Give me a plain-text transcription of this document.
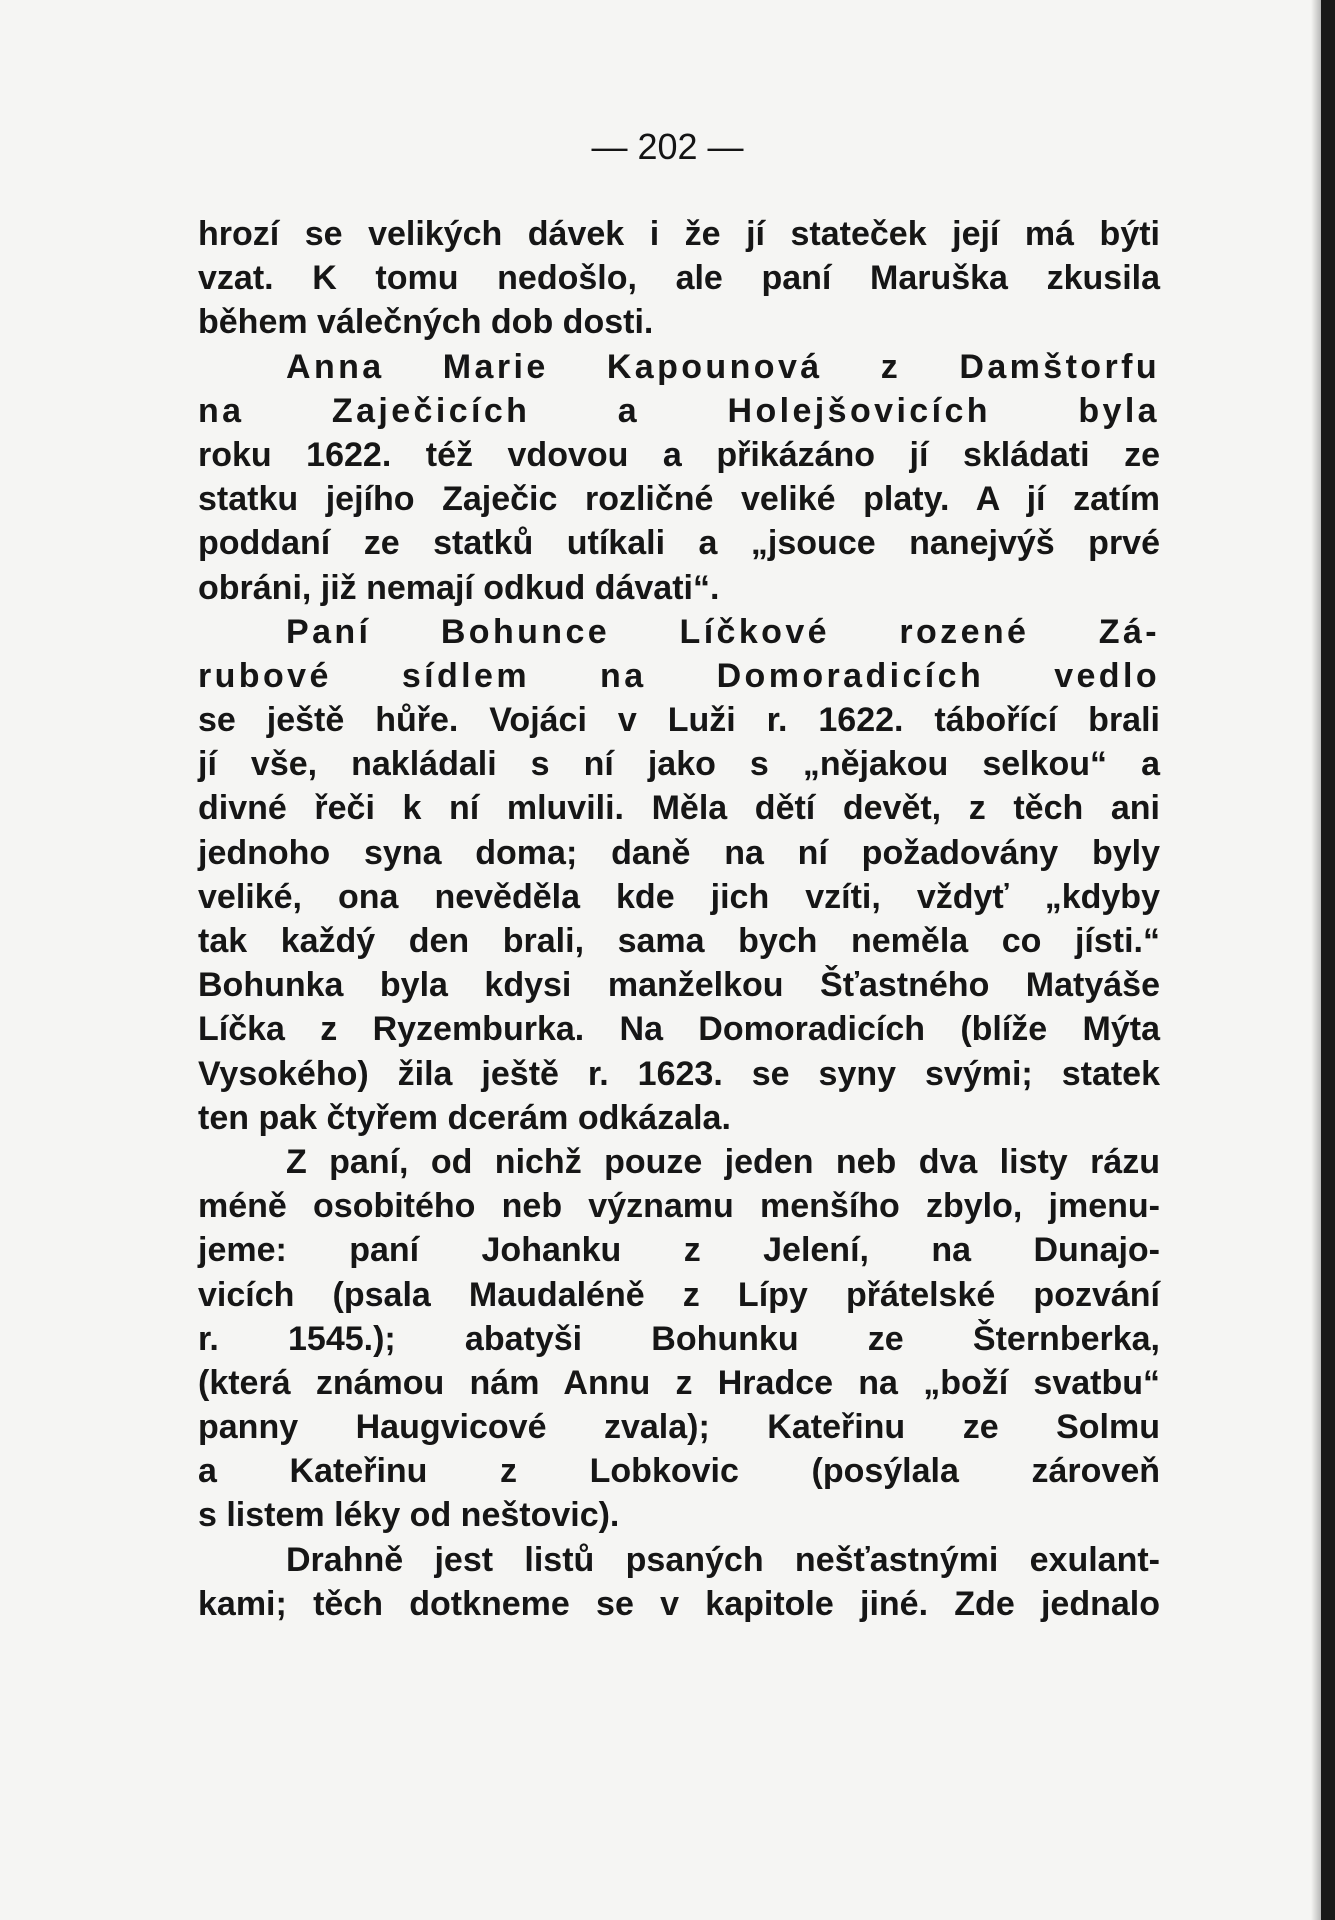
— 202 —
hrozí se velikých dávek i že jí stateček její má býti
vzat. K tomu nedošlo, ale paní Maruška zkusila
během válečných dob dosti.
Anna Marie Kapounová z Damštorfu
na Zaječicích a Holejšovicích byla
roku 1622. též vdovou a přikázáno jí skládati ze
statku jejího Zaječic rozličné veliké platy. A jí zatím
poddaní ze statků utíkali a „jsouce nanejvýš prvé
obráni, již nemají odkud dávati“.
Paní Bohunce Líčkové rozené Zá-
rubové sídlem na Domoradicích vedlo
se ještě hůře. Vojáci v Luži r. 1622. tábořící brali
jí vše, nakládali s ní jako s „nějakou selkou“ a
divné řeči k ní mluvili. Měla dětí devět, z těch ani
jednoho syna doma; daně na ní požadovány byly
veliké, ona nevěděla kde jich vzíti, vždyť „kdyby
tak každý den brali, sama bych neměla co jísti.“
Bohunka byla kdysi manželkou Šťastného Matyáše
Líčka z Ryzemburka. Na Domoradicích (blíže Mýta
Vysokého) žila ještě r. 1623. se syny svými; statek
ten pak čtyřem dcerám odkázala.
Z paní, od nichž pouze jeden neb dva listy rázu
méně osobitého neb významu menšího zbylo, jmenu-
jeme: paní Johanku z Jelení, na Dunajo-
vicích (psala Maudaléně z Lípy přátelské pozvání
r. 1545.); abatyši Bohunku ze Šternberka,
(která známou nám Annu z Hradce na „boží svatbu“
panny Haugvicové zvala); Kateřinu ze Solmu
a Kateřinu z Lobkovic (posýlala zároveň
s listem léky od neštovic).
Drahně jest listů psaných nešťastnými exulant-
kami; těch dotkneme se v kapitole jiné. Zde jednalo
